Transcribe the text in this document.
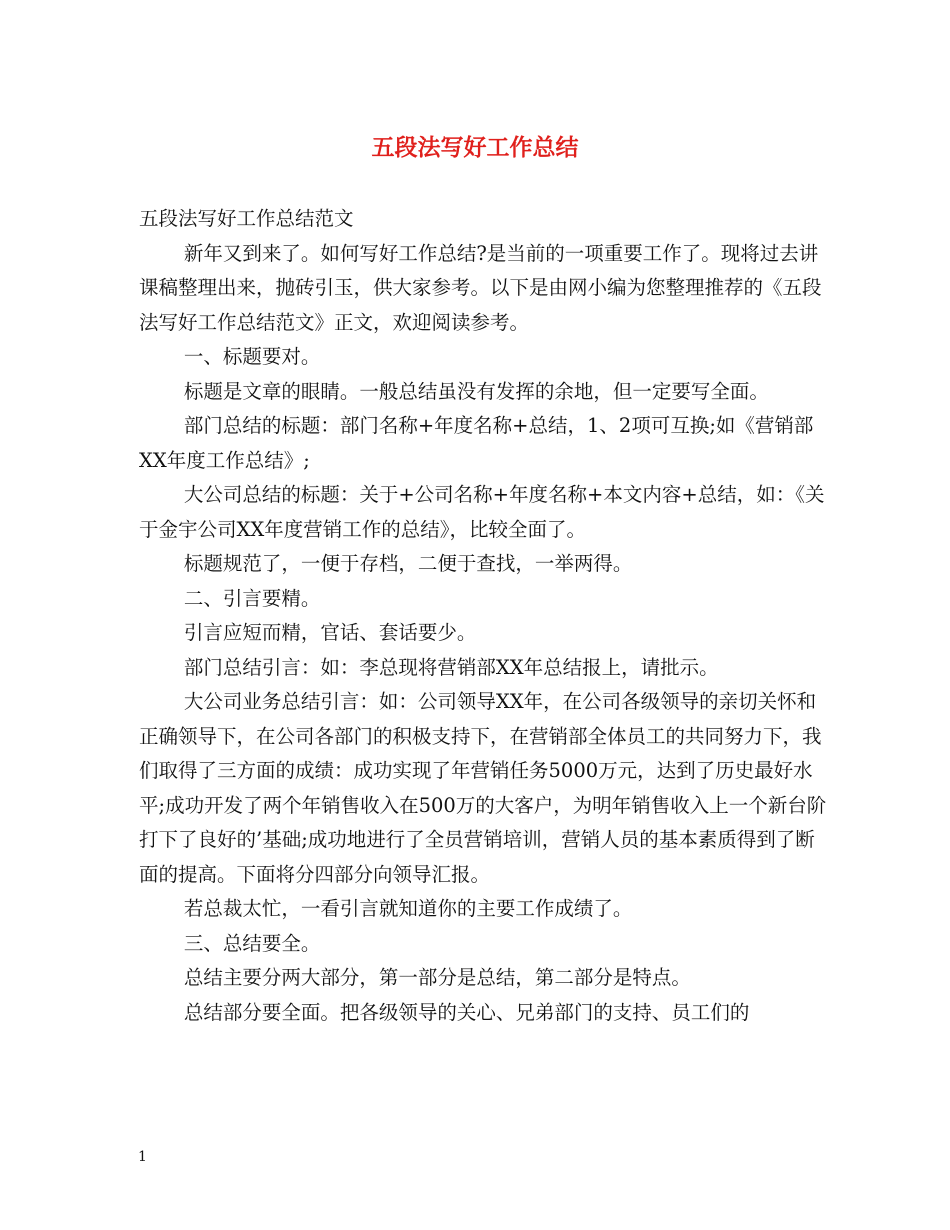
五段法写好工作总结

五段法写好工作总结范文

新年又到来了。如何写好工作总结?是当前的一项重要工作了。现将过去讲课稿整理出来，抛砖引玉，供大家参考。以下是由网小编为您整理推荐的《五段法写好工作总结范文》正文，欢迎阅读参考。

一、标题要对。

标题是文章的眼睛。一般总结虽没有发挥的余地，但一定要写全面。

部门总结的标题：部门名称+年度名称+总结，1、2项可互换;如《营销部XX年度工作总结》;

大公司总结的标题：关于+公司名称+年度名称+本文内容+总结，如：《关于金宇公司XX年度营销工作的总结》，比较全面了。

标题规范了，一便于存档，二便于查找，一举两得。

二、引言要精。

引言应短而精，官话、套话要少。

部门总结引言：如：李总现将营销部XX年总结报上，请批示。

大公司业务总结引言：如：公司领导XX年，在公司各级领导的亲切关怀和正确领导下，在公司各部门的积极支持下，在营销部全体员工的共同努力下，我们取得了三方面的成绩：成功实现了年营销任务5000万元，达到了历史最好水平;成功开发了两个年销售收入在500万的大客户，为明年销售收入上一个新台阶打下了良好的’基础;成功地进行了全员营销培训，营销人员的基本素质得到了断面的提高。下面将分四部分向领导汇报。

若总裁太忙，一看引言就知道你的主要工作成绩了。

三、总结要全。

总结主要分两大部分，第一部分是总结，第二部分是特点。

总结部分要全面。把各级领导的关心、兄弟部门的支持、员工们的

1
